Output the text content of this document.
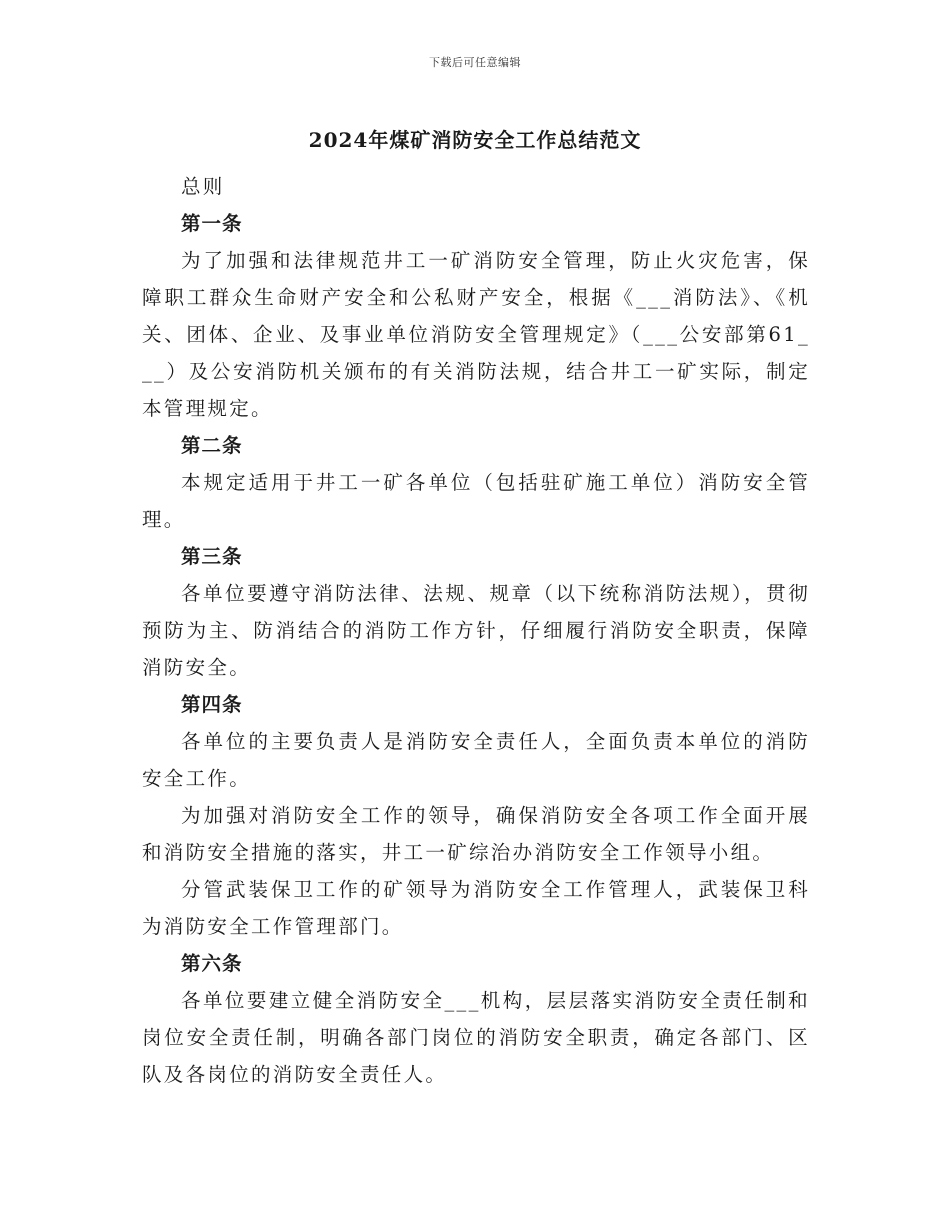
下载后可任意编辑
2024年煤矿消防安全工作总结范文

总则

第一条

为了加强和法律规范井工一矿消防安全管理，防止火灾危害，保障职工群众生命财产安全和公私财产安全，根据《___消防法》、《机关、团体、企业、及事业单位消防安全管理规定》（___公安部第61___）及公安消防机关颁布的有关消防法规，结合井工一矿实际，制定本管理规定。

第二条

本规定适用于井工一矿各单位（包括驻矿施工单位）消防安全管理。

第三条

各单位要遵守消防法律、法规、规章（以下统称消防法规），贯彻预防为主、防消结合的消防工作方针，仔细履行消防安全职责，保障消防安全。

第四条

各单位的主要负责人是消防安全责任人，全面负责本单位的消防安全工作。

为加强对消防安全工作的领导，确保消防安全各项工作全面开展和消防安全措施的落实，井工一矿综治办消防安全工作领导小组。

分管武装保卫工作的矿领导为消防安全工作管理人，武装保卫科为消防安全工作管理部门。

第六条

各单位要建立健全消防安全___机构，层层落实消防安全责任制和岗位安全责任制，明确各部门岗位的消防安全职责，确定各部门、区队及各岗位的消防安全责任人。
